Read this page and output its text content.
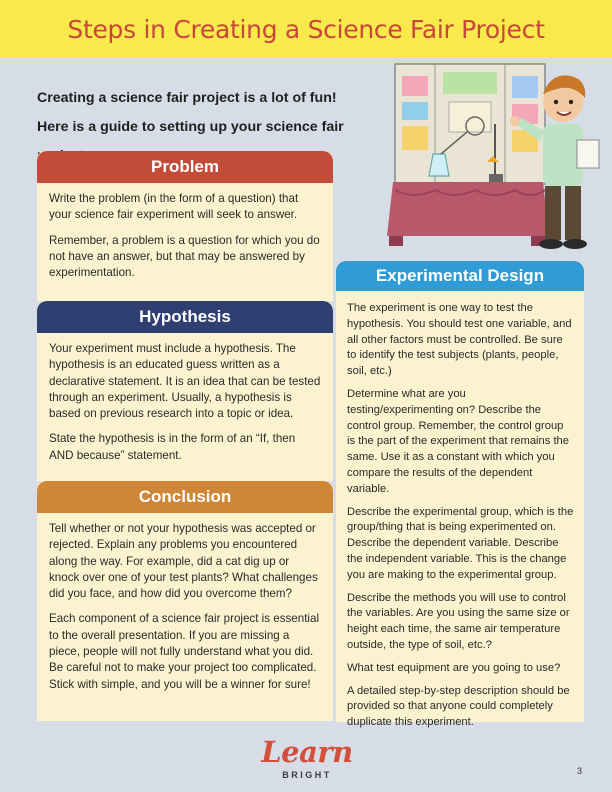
Steps in Creating a Science Fair Project
Creating a science fair project is a lot of fun!
Here is a guide to setting up your science fair
Problem

Write the problem (in the form of a question) that your science fair experiment will seek to answer.

Remember, a problem is a question for which you do not have an answer, but that may be answered by experimentation.

Hypothesis

Your experiment must include a hypothesis. The hypothesis is an educated guess written as a declarative statement. It is an idea that can be tested through an experiment. Usually, a hypothesis is based on previous research into a topic or idea.

State the hypothesis is in the form of an “If, then AND because” statement.

Conclusion

Tell whether or not your hypothesis was accepted or rejected. Explain any problems you encountered along the way. For example, did a cat dig up or knock over one of your test plants? What challenges did you face, and how did you overcome them?

Each component of a science fair project is essential to the overall presentation. If you are missing a piece, people will not fully understand what you did. Be careful not to make your project too complicated. Stick with simple, and you will be a winner for sure!

Experimental Design

The experiment is one way to test the hypothesis. You should test one variable, and all other factors must be controlled. Be sure to identify the test subjects (plants, people, soil, etc.)

Determine what are you testing/experimenting on? Describe the control group. Remember, the control group is the part of the experiment that remains the same. Use it as a constant with which you compare the results of the dependent variable.

Describe the experimental group, which is the group/thing that is being experimented on. Describe the dependent variable. Describe the independent variable. This is the change you are making to the experimental group.

Describe the methods you will use to control the variables. Are you using the same size or height each time, the same air temperature outside, the type of soil, etc.?

What test equipment are you going to use?

A detailed step-by-step description should be provided so that anyone could completely duplicate this experiment.

Learn
BRIGHT	3
